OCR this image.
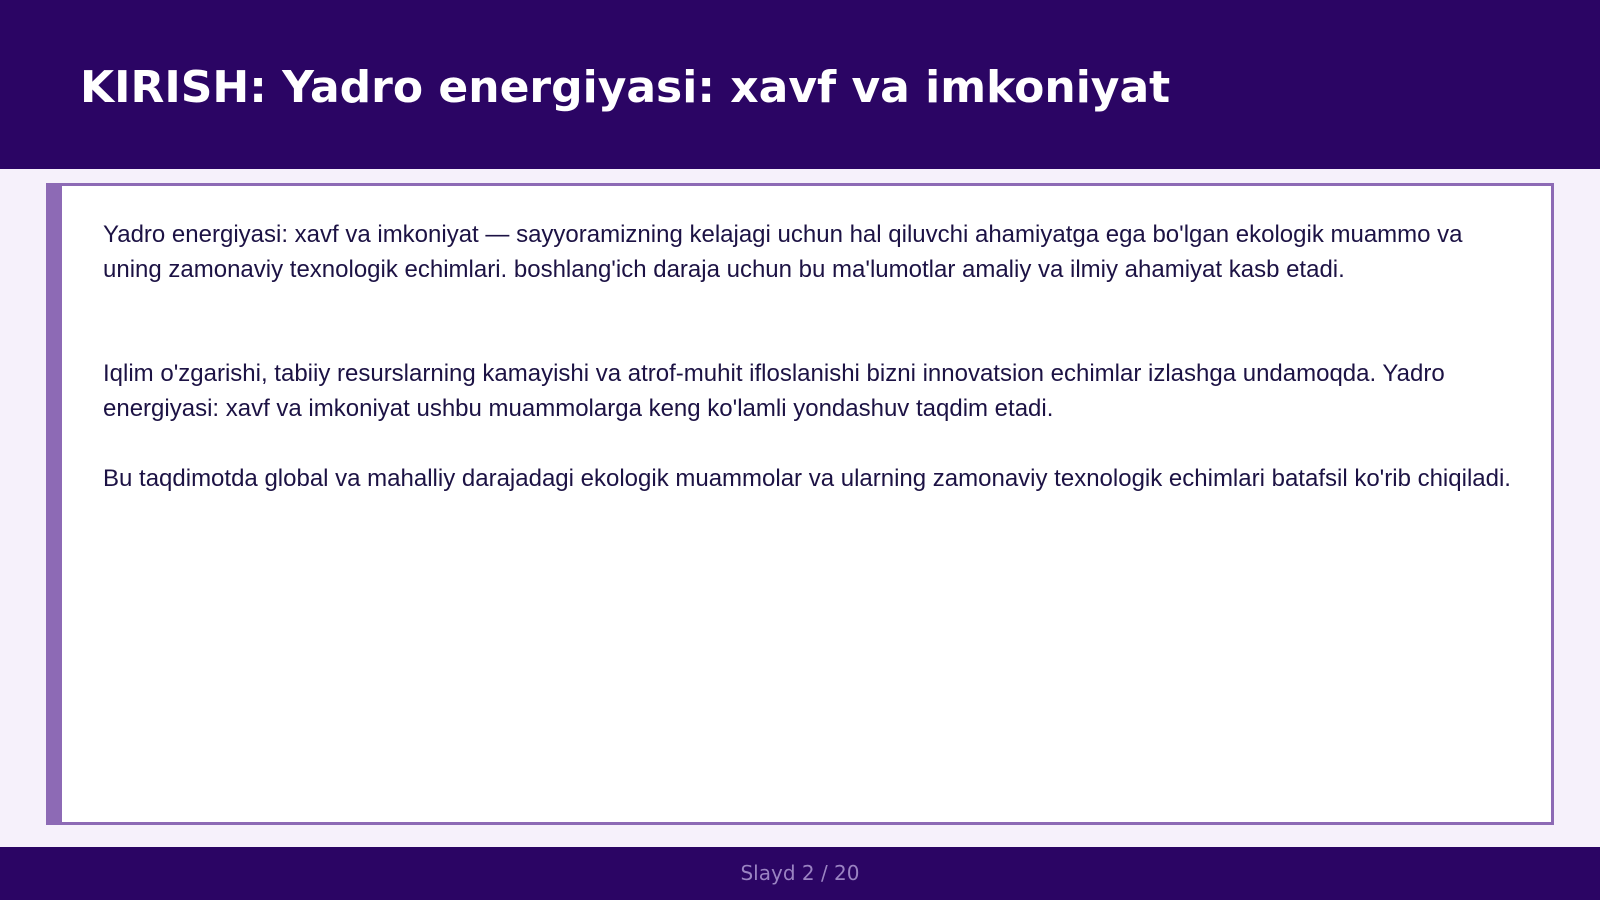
KIRISH: Yadro energiyasi: xavf va imkoniyat

Yadro energiyasi: xavf va imkoniyat — sayyoramizning kelajagi uchun hal qiluvchi ahamiyatga ega bo'lgan ekologik muammo va uning zamonaviy texnologik echimlari. boshlang'ich daraja uchun bu ma'lumotlar amaliy va ilmiy ahamiyat kasb etadi.

Iqlim o'zgarishi, tabiiy resurslarning kamayishi va atrof-muhit ifloslanishi bizni innovatsion echimlar izlashga undamoqda. Yadro energiyasi: xavf va imkoniyat ushbu muammolarga keng ko'lamli yondashuv taqdim etadi.

Bu taqdimotda global va mahalliy darajadagi ekologik muammolar va ularning zamonaviy texnologik echimlari batafsil ko'rib chiqiladi.

Slayd 2 / 20
